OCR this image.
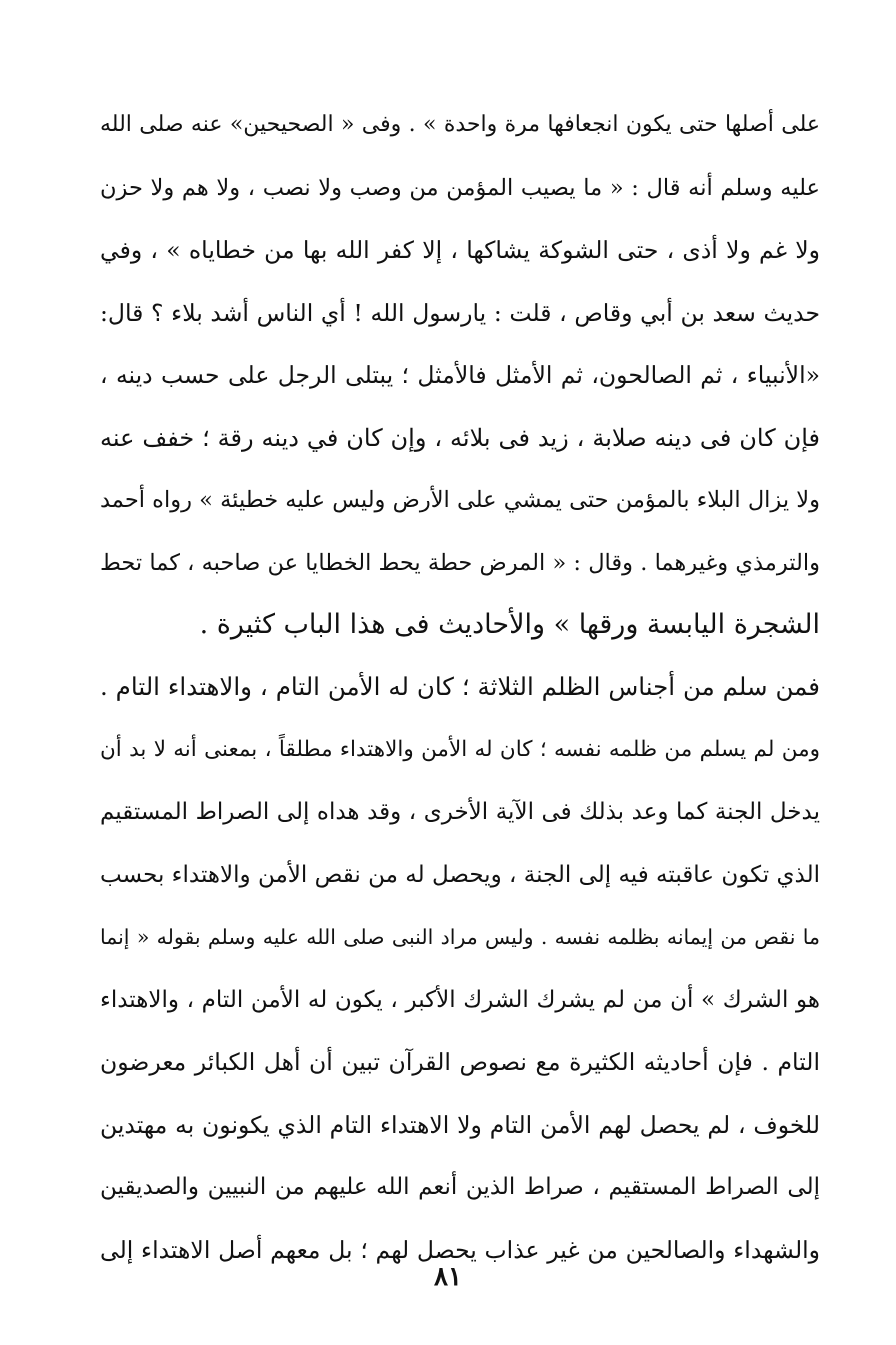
على أصلها حتى يكون انجعافها مرة واحدة » . وفى « الصحيحين» عنه صلى الله
عليه وسلم أنه قال : « ما يصيب المؤمن من وصب ولا نصب ، ولا هم ولا حزن
ولا غم ولا أذى ، حتى الشوكة يشاكها ، إلا كفر الله بها من خطاياه » ، وفي
حديث سعد بن أبي وقاص ، قلت : يارسول الله ! أي الناس أشد بلاء ؟ قال:
«الأنبياء ، ثم الصالحون، ثم الأمثل فالأمثل ؛ يبتلى الرجل على حسب دينه ،
فإن كان فى دينه صلابة ، زيد فى بلائه ، وإن كان في دينه رقة ؛ خفف عنه
ولا يزال البلاء بالمؤمن حتى يمشي على الأرض وليس عليه خطيئة » رواه أحمد
والترمذي وغيرهما . وقال : « المرض حطة يحط الخطايا عن صاحبه ، كما تحط
الشجرة اليابسة ورقها » والأحاديث فى هذا الباب كثيرة .
فمن سلم من أجناس الظلم الثلاثة ؛ كان له الأمن التام ، والاهتداء التام .
ومن لم يسلم من ظلمه نفسه ؛ كان له الأمن والاهتداء مطلقاً ، بمعنى أنه لا بد أن
يدخل الجنة كما وعد بذلك فى الآية الأخرى ، وقد هداه إلى الصراط المستقيم
الذي تكون عاقبته فيه إلى الجنة ، ويحصل له من نقص الأمن والاهتداء بحسب
ما نقص من إيمانه بظلمه نفسه . وليس مراد النبى صلى الله عليه وسلم بقوله « إنما
هو الشرك » أن من لم يشرك الشرك الأكبر ، يكون له الأمن التام ، والاهتداء
التام . فإن أحاديثه الكثيرة مع نصوص القرآن تبين أن أهل الكبائر معرضون
للخوف ، لم يحصل لهم الأمن التام ولا الاهتداء التام الذي يكونون به مهتدين
إلى الصراط المستقيم ، صراط الذين أنعم الله عليهم من النبيين والصديقين
والشهداء والصالحين من غير عذاب يحصل لهم ؛ بل معهم أصل الاهتداء إلى
٨١
